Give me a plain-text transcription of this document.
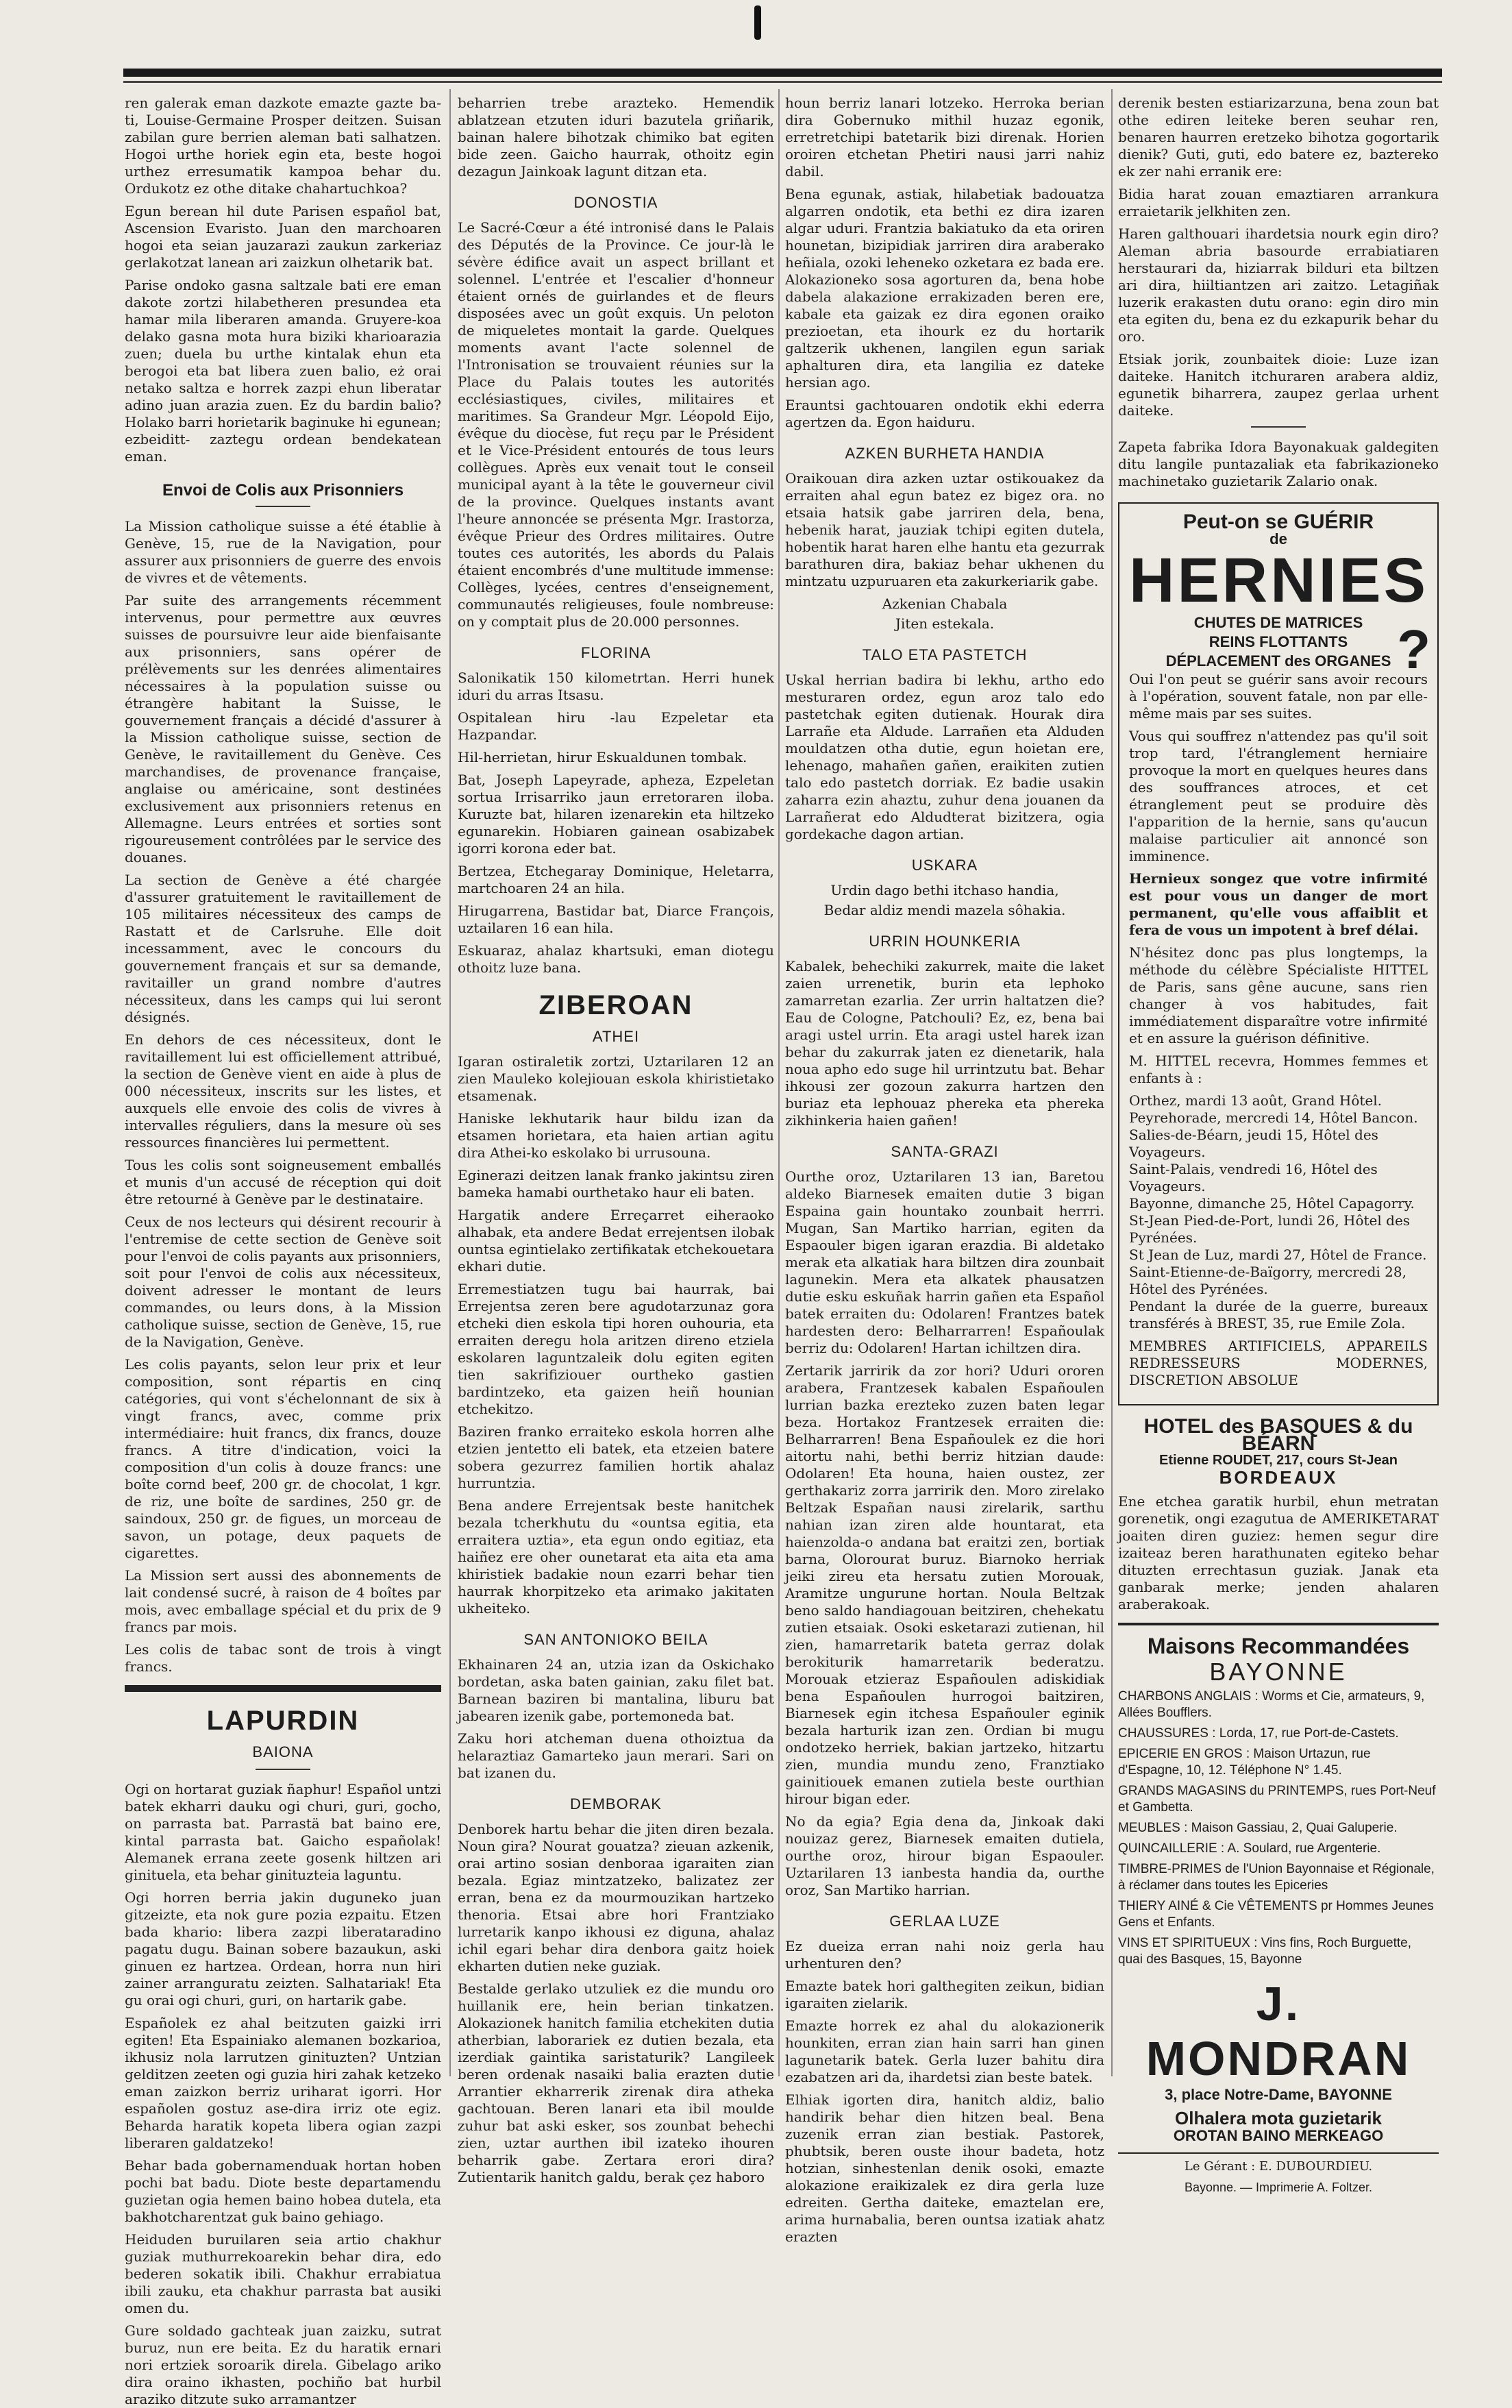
ren galerak eman dazkote emazte gazte ba-ti, Louise-Germaine Prosper deitzen. Suisan zabilan gure berrien aleman bati salhatzen. Hogoi urthe horiek egin eta, beste hogoi urthez erresumatik kampoa behar du. Ordukotz ez othe ditake chahartuchkoa?

Egun berean hil dute Parisen español bat, Ascension Evaristo. Juan den marchoaren hogoi eta seian jauzarazi zaukun zarkeriaz gerlakotzat lanean ari zaizkun olhetarik bat.

Parise ondoko gasna saltzale bati ere eman dakote zortzi hilabetheren presundea eta hamar mila liberaren amanda. Gruyere-koa delako gasna mota hura biziki kharioarazia zuen; duela bu urthe kintalak ehun eta berogoi eta bat libera zuen balio, eż orai netako saltza e horrek zazpi ehun liberatar adino juan arazia zuen. Ez du bardin balio? Holako barri horietarik baginuke hi egunean; ezbeiditt- zaztegu ordean bendekatean eman.

Envoi de Colis aux Prisonniers

La Mission catholique suisse a été établie à Genève, 15, rue de la Navigation, pour assurer aux prisonniers de guerre des envois de vivres et de vêtements.

Par suite des arrangements récemment intervenus, pour permettre aux œuvres suisses de poursuivre leur aide bienfaisante aux prisonniers, sans opérer de prélèvements sur les denrées alimentaires nécessaires à la population suisse ou étrangère habitant la Suisse, le gouvernement français a décidé d'assurer à la Mission catholique suisse, section de Genève, le ravitaillement du Genève. Ces marchandises, de provenance française, anglaise ou américaine, sont destinées exclusivement aux prisonniers retenus en Allemagne. Leurs entrées et sorties sont rigoureusement contrôlées par le service des douanes.

La section de Genève a été chargée d'assurer gratuitement le ravitaillement de 105 militaires nécessiteux des camps de Rastatt et de Carlsruhe. Elle doit incessamment, avec le concours du gouvernement français et sur sa demande, ravitailler un grand nombre d'autres nécessiteux, dans les camps qui lui seront désignés.

En dehors de ces nécessiteux, dont le ravitaillement lui est officiellement attribué, la section de Genève vient en aide à plus de 000 nécessiteux, inscrits sur les listes, et auxquels elle envoie des colis de vivres à intervalles réguliers, dans la mesure où ses ressources financières lui permettent.

Tous les colis sont soigneusement emballés et munis d'un accusé de réception qui doit être retourné à Genève par le destinataire.

Ceux de nos lecteurs qui désirent recourir à l'entremise de cette section de Genève soit pour l'envoi de colis payants aux prisonniers, soit pour l'envoi de colis aux nécessiteux, doivent adresser le montant de leurs commandes, ou leurs dons, à la Mission catholique suisse, section de Genève, 15, rue de la Navigation, Genève.

Les colis payants, selon leur prix et leur composition, sont répartis en cinq catégories, qui vont s'échelonnant de six à vingt francs, avec, comme prix intermédiaire: huit francs, dix francs, douze francs. A titre d'indication, voici la composition d'un colis à douze francs: une boîte cornd beef, 200 gr. de chocolat, 1 kgr. de riz, une boîte de sardines, 250 gr. de saindoux, 250 gr. de figues, un morceau de savon, un potage, deux paquets de cigarettes.

La Mission sert aussi des abonnements de lait condensé sucré, à raison de 4 boîtes par mois, avec emballage spécial et du prix de 9 francs par mois.

Les colis de tabac sont de trois à vingt francs.

LAPURDIN
BAIONA

Ogi on hortarat guziak ñaphur! Español untzi batek ekharri dauku ogi churi, guri, gocho, on parrasta bat. Parrastä bat baino ere, kintal parrasta bat. Gaicho españolak! Alemanek errana zeete gosenk hiltzen ari ginituela, eta behar ginituzteia laguntu.

Ogi horren berria jakin duguneko juan gitzeizte, eta nok gure pozia ezpaitu. Etzen bada khario: libera zazpi liberataradino pagatu dugu. Bainan sobere bazaukun, aski ginuen ez hartzea. Ordean, horra nun hiri zainer arranguratu zeizten. Salhatariak! Eta gu orai ogi churi, guri, on hartarik gabe.

Españolek ez ahal beitzuten gaizki irri egiten! Eta Espainiako alemanen bozkarioa, ikhusiz nola larrutzen ginituzten? Untzian gelditzen zeeten ogi guzia hiri zahak ketzeko eman zaizkon berriz uriharat igorri. Hor españolen gostuz ase-dira irriz ote egiz. Beharda haratik kopeta libera ogian zazpi liberaren galdatzeko!

Behar bada gobernamenduak hortan hoben pochi bat badu. Diote beste departamendu guzietan ogia hemen baino hobea dutela, eta bakhotcharentzat guk baino gehiago.

Heiduden buruilaren seia artio chakhur guziak muthurrekoarekin behar dira, edo bederen sokatik ibili. Chakhur errabiatua ibili zauku, eta chakhur parrasta bat ausiki omen du.

Gure soldado gachteak juan zaizku, sutrat buruz, nun ere beita. Ez du haratik ernari nori ertziek soroarik direla. Gibelago ariko dira oraino ikhasten, pochiño bat hurbil araziko ditzute suko arramantzer

beharrien trebe arazteko. Hemendik ablatzean etzuten iduri bazutela griñarik, bainan halere bihotzak chimiko bat egiten bide zeen. Gaicho haurrak, othoitz egin dezagun Jainkoak lagunt ditzan eta.

DONOSTIA

Le Sacré-Cœur a été intronisé dans le Palais des Députés de la Province. Ce jour-là le sévère édifice avait un aspect brillant et solennel. L'entrée et l'escalier d'honneur étaient ornés de guirlandes et de fleurs disposées avec un goût exquis. Un peloton de miqueletes montait la garde. Quelques moments avant l'acte solennel de l'Intronisation se trouvaient réunies sur la Place du Palais toutes les autorités ecclésiastiques, civiles, militaires et maritimes. Sa Grandeur Mgr. Léopold Eijo, évêque du diocèse, fut reçu par le Président et le Vice-Président entourés de tous leurs collègues. Après eux venait tout le conseil municipal ayant à la tête le gouverneur civil de la province. Quelques instants avant l'heure annoncée se présenta Mgr. Irastorza, évêque Prieur des Ordres militaires. Outre toutes ces autorités, les abords du Palais étaient encombrés d'une multitude immense: Collèges, lycées, centres d'enseignement, communautés religieuses, foule nombreuse: on y comptait plus de 20.000 personnes.

FLORINA

Salonikatik 150 kilometrtan. Herri hunek iduri du arras Itsasu.

Ospitalean hiru -lau Ezpeletar eta Hazpandar.

Hil-herrietan, hirur Eskualdunen tombak.

Bat, Joseph Lapeyrade, apheza, Ezpeletan sortua Irrisarriko jaun erretoraren iloba. Kuruzte bat, hilaren izenarekin eta hiltzeko egunarekin. Hobiaren gainean osabizabek igorri korona eder bat.

Bertzea, Etchegaray Dominique, Heletarra, martchoaren 24 an hila.

Hirugarrena, Bastidar bat, Diarce François, uztailaren 16 ean hila.

Eskuaraz, ahalaz khartsuki, eman diotegu othoitz luze bana.

ZIBEROAN
ATHEI

Igaran ostiraletik zortzi, Uztarilaren 12 an zien Mauleko kolejiouan eskola khiristietako etsamenak.

Haniske lekhutarik haur bildu izan da etsamen horietara, eta haien artian agitu dira Athei-ko eskolako bi urrusouna.

Eginerazi deitzen lanak franko jakintsu ziren bameka hamabi ourthetako haur eli baten.

Hargatik andere Erreçarret eiheraoko alhabak, eta andere Bedat errejentsen ilobak ountsa egintielako zertifikatak etchekouetara ekhari dutie.

Erremestiatzen tugu bai haurrak, bai Errejentsa zeren bere agudotarzunaz gora etcheki dien eskola tipi horen ouhouria, eta erraiten deregu hola aritzen direno etziela eskolaren laguntzaleik dolu egiten egiten tien sakrifiziouer ourtheko gastien bardintzeko, eta gaizen heiñ hounian etchekitzo.

Baziren franko erraiteko eskola horren alhe etzien jentetto eli batek, eta etzeien batere sobera gezurrez familien hortik ahalaz hurruntzia.

Bena andere Errejentsak beste hanitchek bezala tcherkhutu du «ountsa egitia, eta erraitera uztia», eta egun ondo egitiaz, eta haiñez ere oher ounetarat eta aita eta ama khiristiek badakie noun ezarri behar tien haurrak khorpitzeko eta arimako jakitaten ukheiteko.

SAN ANTONIOKO BEILA

Ekhainaren 24 an, utzia izan da Oskichako bordetan, aska baten gainian, zaku filet bat. Barnean baziren bi mantalina, liburu bat jabearen izenik gabe, portemoneda bat.

Zaku hori atcheman duena othoiztua da helaraztiaz Gamarteko jaun merari. Sari on bat izanen du.

DEMBORAK

Denborek hartu behar die jiten diren bezala. Noun gira? Nourat gouatza? zieuan azkenik, orai artino sosian denboraa igaraiten zian bezala. Egiaz mintzatzeko, balizatez zer erran, bena ez da mourmouzikan hartzeko thenoria. Etsai abre hori Frantziako lurretarik kanpo ikhousi ez diguna, ahalaz ichil egari behar dira denbora gaitz hoiek ekharten dutien neke guziak.

Bestalde gerlako utzuliek ez die mundu oro huillanik ere, hein berian tinkatzen. Alokazionek hanitch familia etchekiten dutia atherbian, laborariek ez dutien bezala, eta izerdiak gaintika saristaturik? Langileek beren ordenak nasaiki balia erazten dutie Arrantier ekharrerik zirenak dira atheka gachtouan. Beren lanari eta ibil moulde zuhur bat aski esker, sos zounbat behechi zien, uztar aurthen ibil izateko ihouren beharrik gabe. Zertara erori dira? Zutientarik hanitch galdu, berak çez haboro

houn berriz lanari lotzeko. Herroka berian dira Gobernuko mithil huzaz egonik, erretretchipi batetarik bizi direnak. Horien oroiren etchetan Phetiri nausi jarri nahiz dabil.

Bena egunak, astiak, hilabetiak badouatza algarren ondotik, eta bethi ez dira izaren algar uduri. Frantzia bakiatuko da eta oriren hounetan, bizipidiak jarriren dira araberako heñiala, ozoki leheneko ozketara ez bada ere. Alokazioneko sosa agorturen da, bena hobe dabela alakazione errakizaden beren ere, kabale eta gaizak ez dira egonen oraiko prezioetan, eta ihourk ez du hortarik galtzerik ukhenen, langilen egun sariak aphalturen dira, eta langilia ez dateke hersian ago.

Erauntsi gachtouaren ondotik ekhi ederra agertzen da. Egon haiduru.

AZKEN BURHETA HANDIA

Oraikouan dira azken uztar ostikouakez da erraiten ahal egun batez ez bigez ora. no etsaia hatsik gabe jarriren dela, bena, hebenik harat, jauziak tchipi egiten dutela, hobentik harat haren elhe hantu eta gezurrak barathuren dira, bakiaz behar ukhenen du mintzatu uzpuruaren eta zakurkeriarik gabe.

Azkenian Chabala
Jiten estekala.
TALO ETA PASTETCH

Uskal herrian badira bi lekhu, artho edo mesturaren ordez, egun aroz talo edo pastetchak egiten dutienak. Hourak dira Larrañe eta Aldude. Larrañen eta Alduden mouldatzen otha dutie, egun hoietan ere, lehenago, mahañen gañen, eraikiten zutien talo edo pastetch dorriak. Ez badie usakin zaharra ezin ahaztu, zuhur dena jouanen da Larrañerat edo Aldudterat bizitzera, ogia gordekache dagon artian.

USKARA
Urdin dago bethi itchaso handia,
Bedar aldiz mendi mazela sôhakia.
URRIN HOUNKERIA

Kabalek, behechiki zakurrek, maite die laket zaien urrenetik, burin eta lephoko zamarretan ezarlia. Zer urrin haltatzen die? Eau de Cologne, Patchouli? Ez, ez, bena bai aragi ustel urrin. Eta aragi ustel harek izan behar du zakurrak jaten ez dienetarik, hala noua apho edo suge hil urrintzutu bat. Behar ihkousi zer gozoun zakurra hartzen den buriaz eta lephouaz phereka eta phereka zikhinkeria haien gañen!

SANTA-GRAZI

Ourthe oroz, Uztarilaren 13 ian, Baretou aldeko Biarnesek emaiten dutie 3 bigan Espaina gain hountako zounbait herrri. Mugan, San Martiko harrian, egiten da Espaouler bigen igaran erazdia. Bi aldetako merak eta alkatiak hara biltzen dira zounbait lagunekin. Mera eta alkatek phausatzen dutie esku eskuñak harrin gañen eta Español batek erraiten du: Odolaren! Frantzes batek hardesten dero: Belharrarren! Españoulak berriz du: Odolaren! Hartan ichiltzen dira.

Zertarik jarririk da zor hori? Uduri ororen arabera, Frantzesek kabalen Españoulen lurrian bazka erezteko zuzen baten legar beza. Hortakoz Frantzesek erraiten die: Belharrarren! Bena Españoulek ez die hori aitortu nahi, bethi berriz hitzian daude: Odolaren! Eta houna, haien oustez, zer gerthakariz zorra jarririk den. Moro zirelako Beltzak Españan nausi zirelarik, sarthu nahian izan ziren alde hountarat, eta haienzolda-o andana bat eraitzi zen, bortiak barna, Olorourat buruz. Biarnoko herriak jeiki zireu eta hersatu zutien Morouak, Aramitze ungurune hortan. Noula Beltzak beno saldo handiagouan beitziren, chehekatu zutien etsaiak. Osoki esketarazi zutienan, hil zien, hamarretarik bateta gerraz dolak berokiturik hamarretarik bederatzu. Morouak etzieraz Españoulen adiskidiak bena Españoulen hurrogoi baitziren, Biarnesek egin itchesa Españouler eginik bezala harturik izan zen. Ordian bi mugu ondotzeko herriek, bakian jartzeko, hitzartu zien, mundia mundu zeno, Franztiako gainitiouek emanen zutiela beste ourthian hirour bigan eder.

No da egia? Egia dena da, Jinkoak daki nouizaz gerez, Biarnesek emaiten dutiela, ourthe oroz, hirour bigan Espaouler. Uztarilaren 13 ianbesta handia da, ourthe oroz, San Martiko harrian.

GERLAA LUZE

Ez dueiza erran nahi noiz gerla hau urhenturen den?

Emazte batek hori galthegiten zeikun, bidian igaraiten zielarik.

Emazte horrek ez ahal du alokazionerik hounkiten, erran zian hain sarri han ginen lagunetarik batek. Gerla luzer bahitu dira ezabatzen ari da, ihardetsi zian beste batek.

Elhiak igorten dira, hanitch aldiz, balio handirik behar dien hitzen beal. Bena zuzenik erran zian bestiak. Pastorek, phubtsik, beren ouste ihour badeta, hotz hotzian, sinhestenlan denik osoki, emazte alokazione eraikizalek ez dira gerla luze edreiten. Gertha daiteke, emaztelan ere, arima hurnabalia, beren ountsa izatiak ahatz erazten

derenik besten estiarizarzuna, bena zoun bat othe ediren leiteke beren seuhar ren, benaren haurren eretzeko bihotza gogortarik dienik? Guti, guti, edo batere ez, baztereko ek zer nahi erranik ere:

Bidia harat zouan emaztiaren arrankura erraietarik jelkhiten zen.

Haren galthouari ihardetsia nourk egin diro? Aleman abria basourde errabiatiaren herstaurari da, hiziarrak bilduri eta biltzen ari dira, hiiltiantzen ari zaitzo. Letagiñak luzerik erakasten dutu orano: egin diro min eta egiten du, bena ez du ezkapurik behar du oro.

Etsiak jorik, zounbaitek dioie: Luze izan daiteke. Hanitch itchuraren arabera aldiz, egunetik biharrera, zaupez gerlaa urhent daiteke.

Zapeta fabrika Idora Bayonakuak galdegiten ditu langile puntazaliak eta fabrikazioneko machinetako guzietarik Zalario onak.

Peut-on se GUÉRIR
de
HERNIES
?
CHUTES DE MATRICES
REINS FLOTTANTS
DÉPLACEMENT des ORGANES

Oui l'on peut se guérir sans avoir recours à l'opération, souvent fatale, non par elle-même mais par ses suites.

Vous qui souffrez n'attendez pas qu'il soit trop tard, l'étranglement herniaire provoque la mort en quelques heures dans des souffrances atroces, et cet étranglement peut se produire dès l'apparition de la hernie, sans qu'aucun malaise particulier ait annoncé son imminence.

Hernieux songez que votre infirmité est pour vous un danger de mort permanent, qu'elle vous affaiblit et fera de vous un impotent à bref délai.

N'hésitez donc pas plus longtemps, la méthode du célèbre Spécialiste HITTEL de Paris, sans gêne aucune, sans rien changer à vos habitudes, fait immédiatement disparaître votre infirmité et en assure la guérison définitive.

M. HITTEL recevra, Hommes femmes et enfants à :

Orthez, mardi 13 août, Grand Hôtel.
Peyrehorade, mercredi 14, Hôtel Bancon.
Salies-de-Béarn, jeudi 15, Hôtel des Voyageurs.
Saint-Palais, vendredi 16, Hôtel des Voyageurs.
Bayonne, dimanche 25, Hôtel Capagorry.
St-Jean Pied-de-Port, lundi 26, Hôtel des Pyrénées.
St Jean de Luz, mardi 27, Hôtel de France.
Saint-Etienne-de-Baïgorry, mercredi 28, Hôtel des Pyrénées.

Pendant la durée de la guerre, bureaux transférés à BREST, 35, rue Emile Zola.

MEMBRES ARTIFICIELS, APPAREILS REDRESSEURS MODERNES, DISCRETION ABSOLUE

HOTEL des BASQUES & du BÉARN
Etienne ROUDET, 217, cours St-Jean
BORDEAUX

Ene etchea garatik hurbil, ehun metratan gorenetik, ongi ezagutua de AMERIKETARAT joaiten diren guziez: hemen segur dire izaiteaz beren harathunaten egiteko behar dituzten errechtasun guziak. Janak eta ganbarak merke; jenden ahalaren araberakoak.

Maisons Recommandées
BAYONNE
CHARBONS ANGLAIS : Worms et Cie, armateurs, 9, Allées Boufflers.
CHAUSSURES : Lorda, 17, rue Port-de-Castets.
EPICERIE EN GROS : Maison Urtazun, rue d'Espagne, 10, 12. Téléphone N° 1.45.
GRANDS MAGASINS du PRINTEMPS, rues Port-Neuf et Gambetta.
MEUBLES : Maison Gassiau, 2, Quai Galuperie.
QUINCAILLERIE : A. Soulard, rue Argenterie.
TIMBRE-PRIMES de l'Union Bayonnaise et Régionale, à réclamer dans toutes les Epiceries
THIERY AINÉ & Cie VÊTEMENTS pr Hommes Jeunes Gens et Enfants.
VINS ET SPIRITUEUX : Vins fins, Roch Burguette, quai des Basques, 15, Bayonne
J. MONDRAN
3, place Notre-Dame, BAYONNE
Olhalera mota guzietarik
OROTAN BAINO MERKEAGO
Le Gérant : E. DUBOURDIEU.
Bayonne. — Imprimerie A. Foltzer.
